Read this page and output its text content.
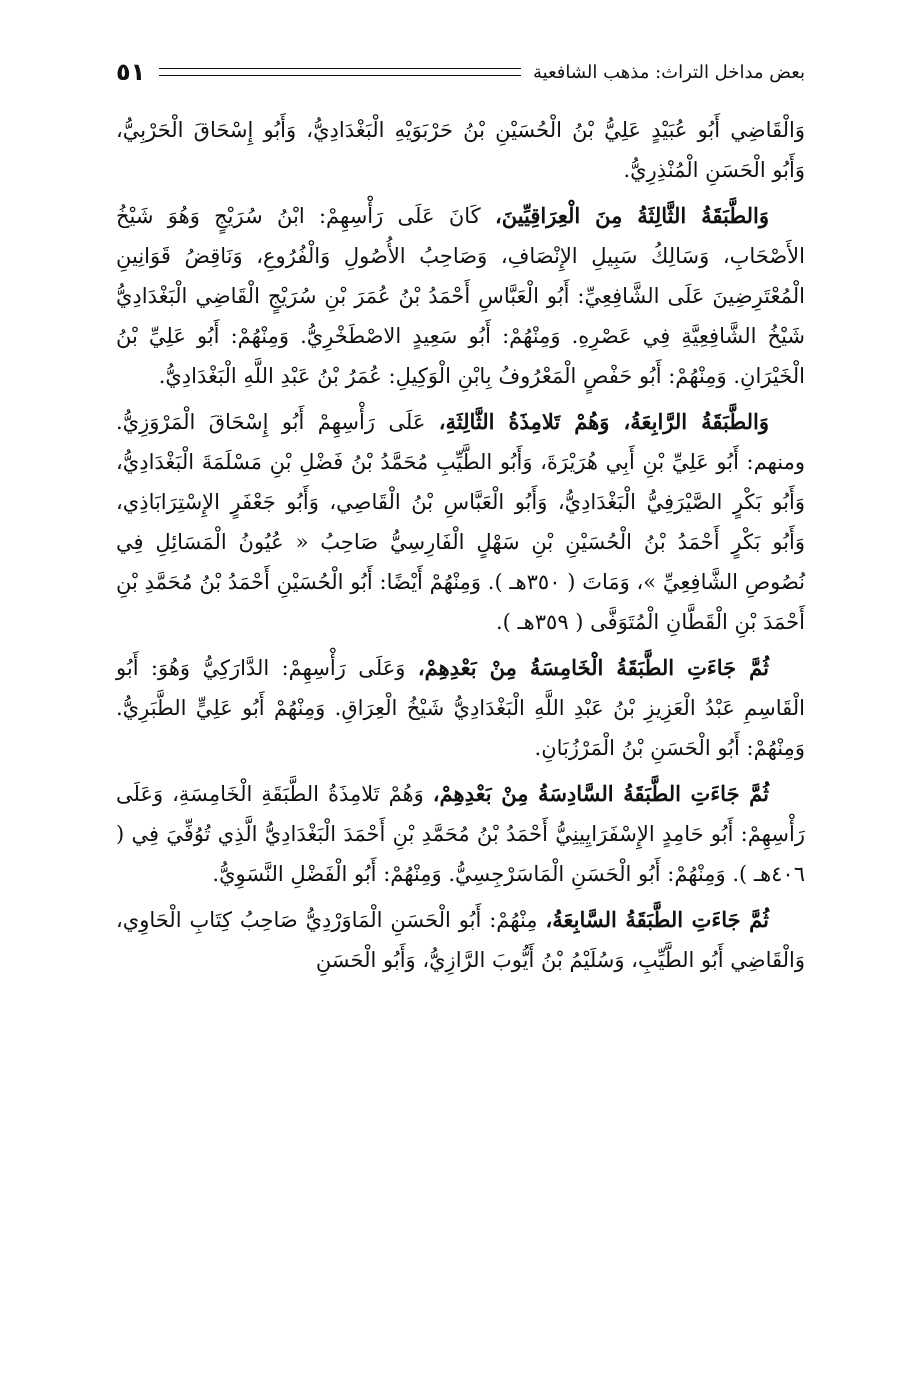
٥١	بعض مداخل التراث: مذهب الشافعية

وَالْقَاضِي أَبُو عُبَيْدٍ عَلِيُّ بْنُ الْحُسَيْنِ بْنُ حَرْبَوَيْهِ الْبَغْدَادِيُّ، وَأَبُو إِسْحَاقَ الْحَرْبِيُّ، وَأَبُو الْحَسَنِ الْمُنْذِرِيُّ.

وَالطَّبَقَةُ الثَّالِثَةُ مِنَ الْعِرَاقِيِّينَ، كَانَ عَلَى رَأْسِهِمْ: ابْنُ سُرَيْجٍ وَهُوَ شَيْخُ الأَصْحَابِ، وَسَالِكُ سَبِيلِ الإِنْصَافِ، وَصَاحِبُ الأُصُولِ وَالْفُرُوعِ، وَنَاقِضُ قَوَانِينِ الْمُعْتَرِضِينَ عَلَى الشَّافِعِيِّ: أَبُو الْعَبَّاسِ أَحْمَدُ بْنُ عُمَرَ بْنِ سُرَيْجٍ الْقَاضِي الْبَغْدَادِيُّ شَيْخُ الشَّافِعِيَّةِ فِي عَصْرِهِ. وَمِنْهُمْ: أَبُو سَعِيدٍ الاصْطَخْرِيُّ. وَمِنْهُمْ: أَبُو عَلِيِّ بْنُ الْخَيْرَانِ. وَمِنْهُمْ: أَبُو حَفْصٍ الْمَعْرُوفُ بِابْنِ الْوَكِيلِ: عُمَرُ بْنُ عَبْدِ اللَّهِ الْبَغْدَادِيُّ.

وَالطَّبَقَةُ الرَّابِعَةُ، وَهُمْ تَلامِذَةُ الثَّالِثَةِ، عَلَى رَأْسِهِمْ أَبُو إِسْحَاقَ الْمَرْوَزِيُّ. ومنهم: أَبُو عَلِيِّ بْنِ أَبِي هُرَيْرَةَ، وَأَبُو الطَّيِّبِ مُحَمَّدُ بْنُ فَضْلِ بْنِ مَسْلَمَةَ الْبَغْدَادِيُّ، وَأَبُو بَكْرٍ الصَّيْرَفِيُّ الْبَغْدَادِيُّ، وَأَبُو الْعَبَّاسِ بْنُ الْقَاصِي، وَأَبُو جَعْفَرٍ الإِسْتِرَابَاذِي، وَأَبُو بَكْرٍ أَحْمَدُ بْنُ الْحُسَيْنِ بْنِ سَهْلٍ الْفَارِسِيُّ صَاحِبُ « عُيُونُ الْمَسَائِلِ فِي نُصُوصِ الشَّافِعِيِّ »، وَمَاتَ ( ٣٥٠هـ ). وَمِنْهُمْ أَيْضًا: أَبُو الْحُسَيْنِ أَحْمَدُ بْنُ مُحَمَّدِ بْنِ أَحْمَدَ بْنِ الْقَطَّانِ الْمُتَوَفَّى ( ٣٥٩هـ ).

ثُمَّ جَاءَتِ الطَّبَقَةُ الْخَامِسَةُ مِنْ بَعْدِهِمْ، وَعَلَى رَأْسِهِمْ: الدَّارَكِيُّ وَهُوَ: أَبُو الْقَاسِمِ عَبْدُ الْعَزِيزِ بْنُ عَبْدِ اللَّهِ الْبَغْدَادِيُّ شَيْخُ الْعِرَاقِ. وَمِنْهُمْ أَبُو عَلِيٍّ الطَّبَرِيُّ. وَمِنْهُمْ: أَبُو الْحَسَنِ بْنُ الْمَرْزُبَانِ.

ثُمَّ جَاءَتِ الطَّبَقَةُ السَّادِسَةُ مِنْ بَعْدِهِمْ، وَهُمْ تَلامِذَةُ الطَّبَقَةِ الْخَامِسَةِ، وَعَلَى رَأْسِهِمْ: أَبُو حَامِدٍ الإِسْفَرَايِينِيُّ أَحْمَدُ بْنُ مُحَمَّدِ بْنِ أَحْمَدَ الْبَغْدَادِيُّ الَّذِي تُوُفِّيَ فِي ( ٤٠٦هـ ). وَمِنْهُمْ: أَبُو الْحَسَنِ الْمَاسَرْجِسِيُّ. وَمِنْهُمْ: أَبُو الْفَضْلِ النَّسَوِيُّ.

ثُمَّ جَاءَتِ الطَّبَقَةُ السَّابِعَةُ، مِنْهُمْ: أَبُو الْحَسَنِ الْمَاوَرْدِيُّ صَاحِبُ كِتَابِ الْحَاوِي، وَالْقَاضِي أَبُو الطَّيِّبِ، وَسُلَيْمُ بْنُ أَيُّوبَ الرَّازِيُّ، وَأَبُو الْحَسَنِ
